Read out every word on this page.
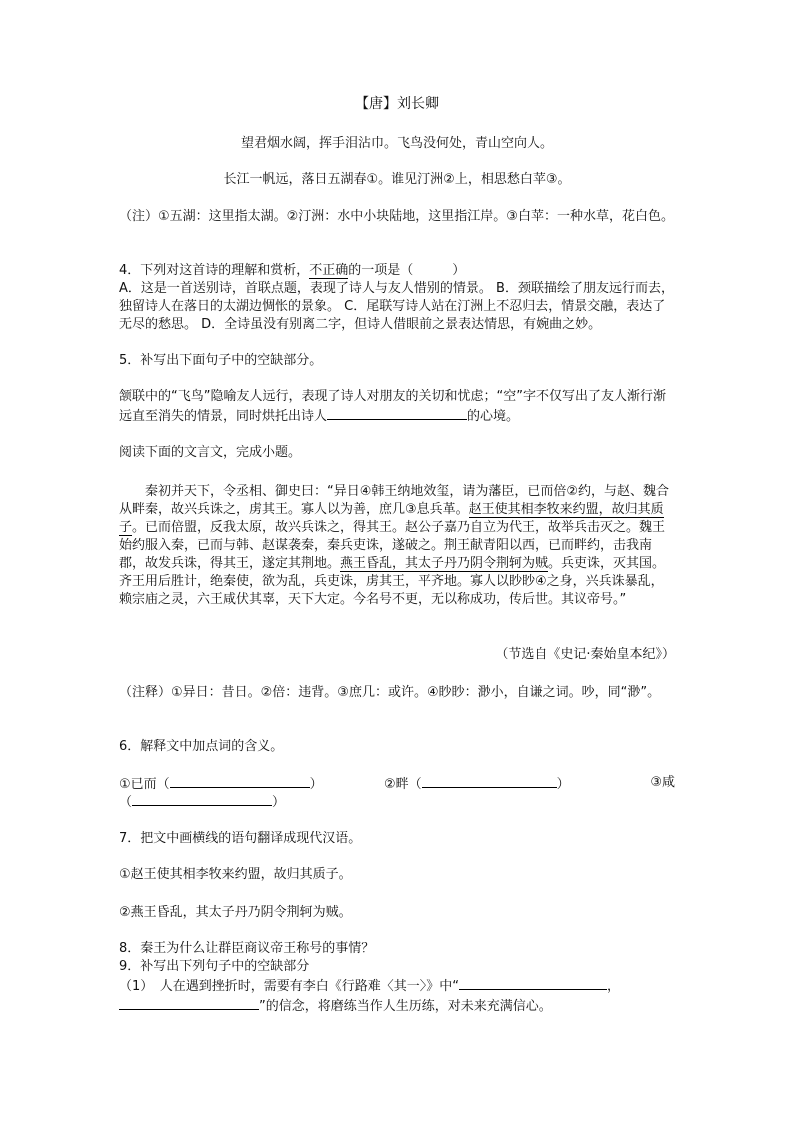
【唐】刘长卿
望君烟水阔，挥手泪沾巾。飞鸟没何处，青山空向人。
长江一帆远，落日五湖春①。谁见汀洲②上，相思愁白苹③。
（注）①五湖：这里指太湖。②汀洲：水中小块陆地，这里指江岸。③白苹：一种水草，花白色。
4．下列对这首诗的理解和赏析，不正确的一项是（　　　）
A．这是一首送别诗，首联点题，表现了诗人与友人惜别的情景。 B．颈联描绘了朋友远行而去，独留诗人在落日的太湖边惆怅的景象。 C．尾联写诗人站在汀洲上不忍归去，情景交融，表达了无尽的愁思。 D．全诗虽没有别离二字，但诗人借眼前之景表达情思，有婉曲之妙。
5．补写出下面句子中的空缺部分。
颔联中的“飞鸟”隐喻友人远行，表现了诗人对朋友的关切和忧虑；“空”字不仅写出了友人渐行渐远直至消失的情景，同时烘托出诗人	的心境。
阅读下面的文言文，完成小题。
秦初并天下，令丞相、御史曰：“异日④韩王纳地效玺，请为藩臣，已而倍②约，与赵、魏合从畔秦，故兴兵诛之，虏其王。寡人以为善，庶几③息兵革。赵王使其相李牧来约盟，故归其质子。已而倍盟，反我太原，故兴兵诛之，得其王。赵公子嘉乃自立为代王，故举兵击灭之。魏王始约服入秦，已而与韩、赵谋袭秦，秦兵吏诛，遂破之。荆王献青阳以西，已而畔约，击我南郡，故发兵诛，得其王，遂定其荆地。燕王昏乱，其太子丹乃阴令荆轲为贼。兵吏诛，灭其国。齐王用后胜计，绝秦使，欲为乱，兵吏诛，虏其王，平齐地。寡人以眇眇④之身，兴兵诛暴乱，赖宗庙之灵，六王咸伏其辜，天下大定。今名号不更，无以称成功，传后世。其议帝号。”
（节选自《史记·秦始皇本纪》）
（注释）①异日：昔日。②倍：违背。③庶几：或许。④眇眇：渺小，自谦之词。吵，同“渺”。
6．解释文中加点词的含义。
①已而（	）	②畔（	）	③咸
（	）
7．把文中画横线的语句翻译成现代汉语。
①赵王使其相李牧来约盟，故归其质子。
②燕王昏乱，其太子丹乃阴令荆轲为贼。
8．秦王为什么让群臣商议帝王称号的事情？
9．补写出下列句子中的空缺部分
（1）　人在遇到挫折时，需要有李白《行路难〈其一〉》中“	，
”的信念，将磨练当作人生历练，对未来充满信心。
